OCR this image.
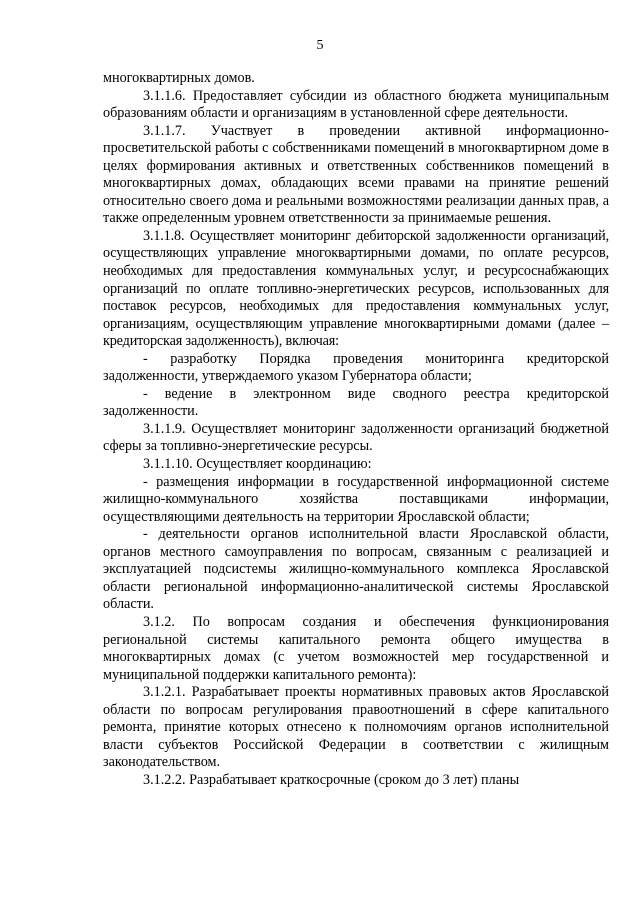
5

многоквартирных домов.

3.1.1.6. Предоставляет субсидии из областного бюджета муниципальным образованиям области и организациям в установленной сфере деятельности.

3.1.1.7. Участвует в проведении активной информационно-просветительской работы с собственниками помещений в многоквартирном доме в целях формирования активных и ответственных собственников помещений в многоквартирных домах, обладающих всеми правами на принятие решений относительно своего дома и реальными возможностями реализации данных прав, а также определенным уровнем ответственности за принимаемые решения.

3.1.1.8. Осуществляет мониторинг дебиторской задолженности организаций, осуществляющих управление многоквартирными домами, по оплате ресурсов, необходимых для предоставления коммунальных услуг, и ресурсоснабжающих организаций по оплате топливно-энергетических ресурсов, использованных для поставок ресурсов, необходимых для предоставления коммунальных услуг, организациям, осуществляющим управление многоквартирными домами (далее – кредиторская задолженность), включая:

- разработку Порядка проведения мониторинга кредиторской задолженности, утверждаемого указом Губернатора области;

- ведение в электронном виде сводного реестра кредиторской задолженности.

3.1.1.9. Осуществляет мониторинг задолженности организаций бюджетной сферы за топливно-энергетические ресурсы.

3.1.1.10. Осуществляет координацию:

- размещения информации в государственной информационной системе жилищно-коммунального хозяйства поставщиками информации, осуществляющими деятельность на территории Ярославской области;

- деятельности органов исполнительной власти Ярославской области, органов местного самоуправления по вопросам, связанным с реализацией и эксплуатацией подсистемы жилищно-коммунального комплекса Ярославской области региональной информационно-аналитической системы Ярославской области.

3.1.2. По вопросам создания и обеспечения функционирования региональной системы капитального ремонта общего имущества в многоквартирных домах (с учетом возможностей мер государственной и муниципальной поддержки капитального ремонта):

3.1.2.1. Разрабатывает проекты нормативных правовых актов Ярославской области по вопросам регулирования правоотношений в сфере капитального ремонта, принятие которых отнесено к полномочиям органов исполнительной власти субъектов Российской Федерации в соответствии с жилищным законодательством.

3.1.2.2. Разрабатывает краткосрочные (сроком до 3 лет) планы
